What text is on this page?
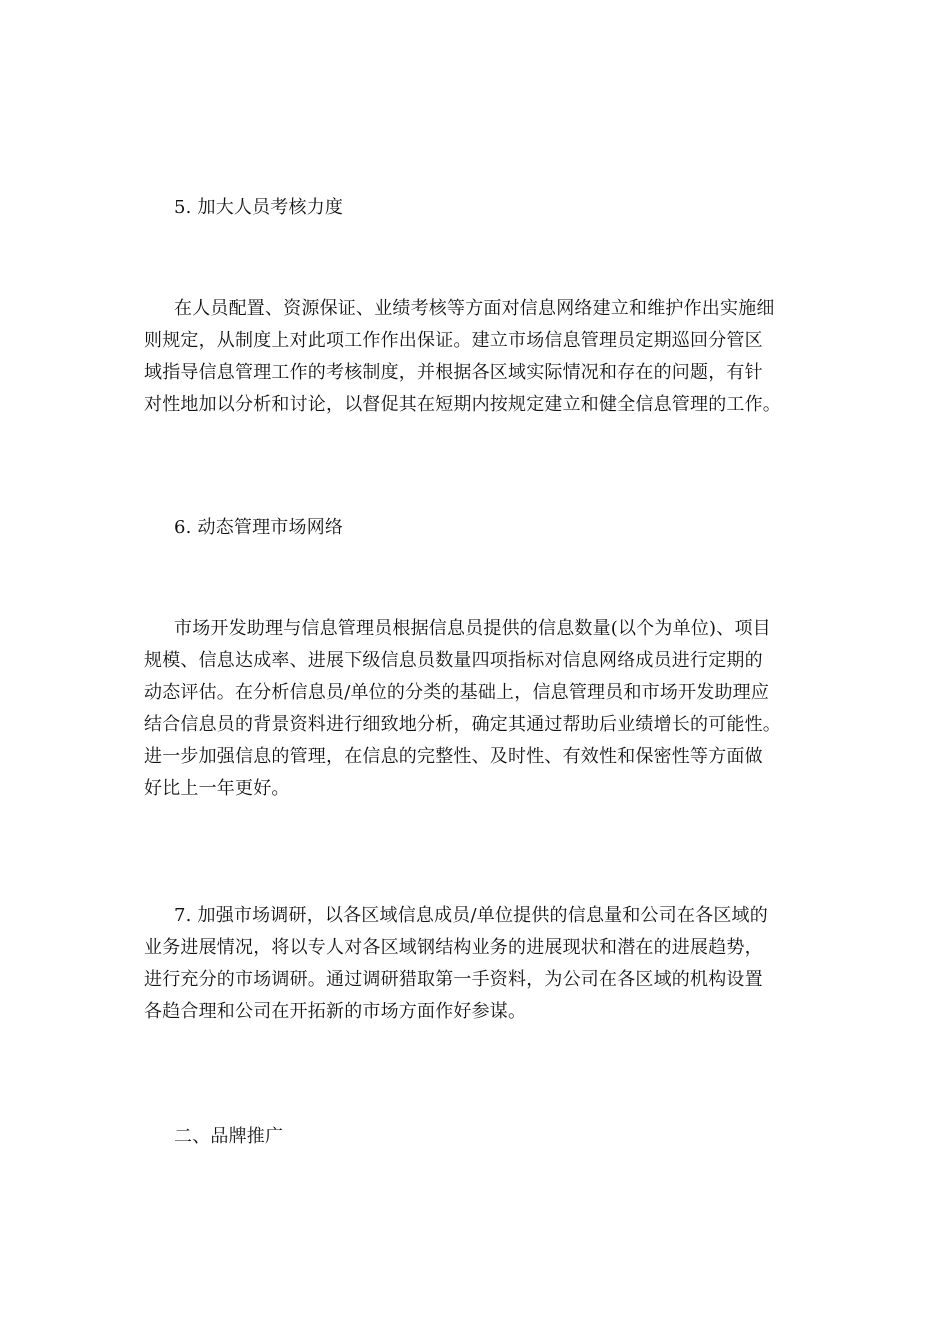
5. 加大人员考核力度
在人员配置、资源保证、业绩考核等方面对信息网络建立和维护作出实施细
则规定，从制度上对此项工作作出保证。建立市场信息管理员定期巡回分管区
域指导信息管理工作的考核制度，并根据各区域实际情况和存在的问题，有针
对性地加以分析和讨论，以督促其在短期内按规定建立和健全信息管理的工作。
6. 动态管理市场网络
市场开发助理与信息管理员根据信息员提供的信息数量(以个为单位)、项目
规模、信息达成率、进展下级信息员数量四项指标对信息网络成员进行定期的
动态评估。在分析信息员/单位的分类的基础上，信息管理员和市场开发助理应
结合信息员的背景资料进行细致地分析，确定其通过帮助后业绩增长的可能性。
进一步加强信息的管理，在信息的完整性、及时性、有效性和保密性等方面做
好比上一年更好。
7. 加强市场调研，以各区域信息成员/单位提供的信息量和公司在各区域的
业务进展情况，将以专人对各区域钢结构业务的进展现状和潜在的进展趋势，
进行充分的市场调研。通过调研猎取第一手资料，为公司在各区域的机构设置
各趋合理和公司在开拓新的市场方面作好参谋。
二、品牌推广
